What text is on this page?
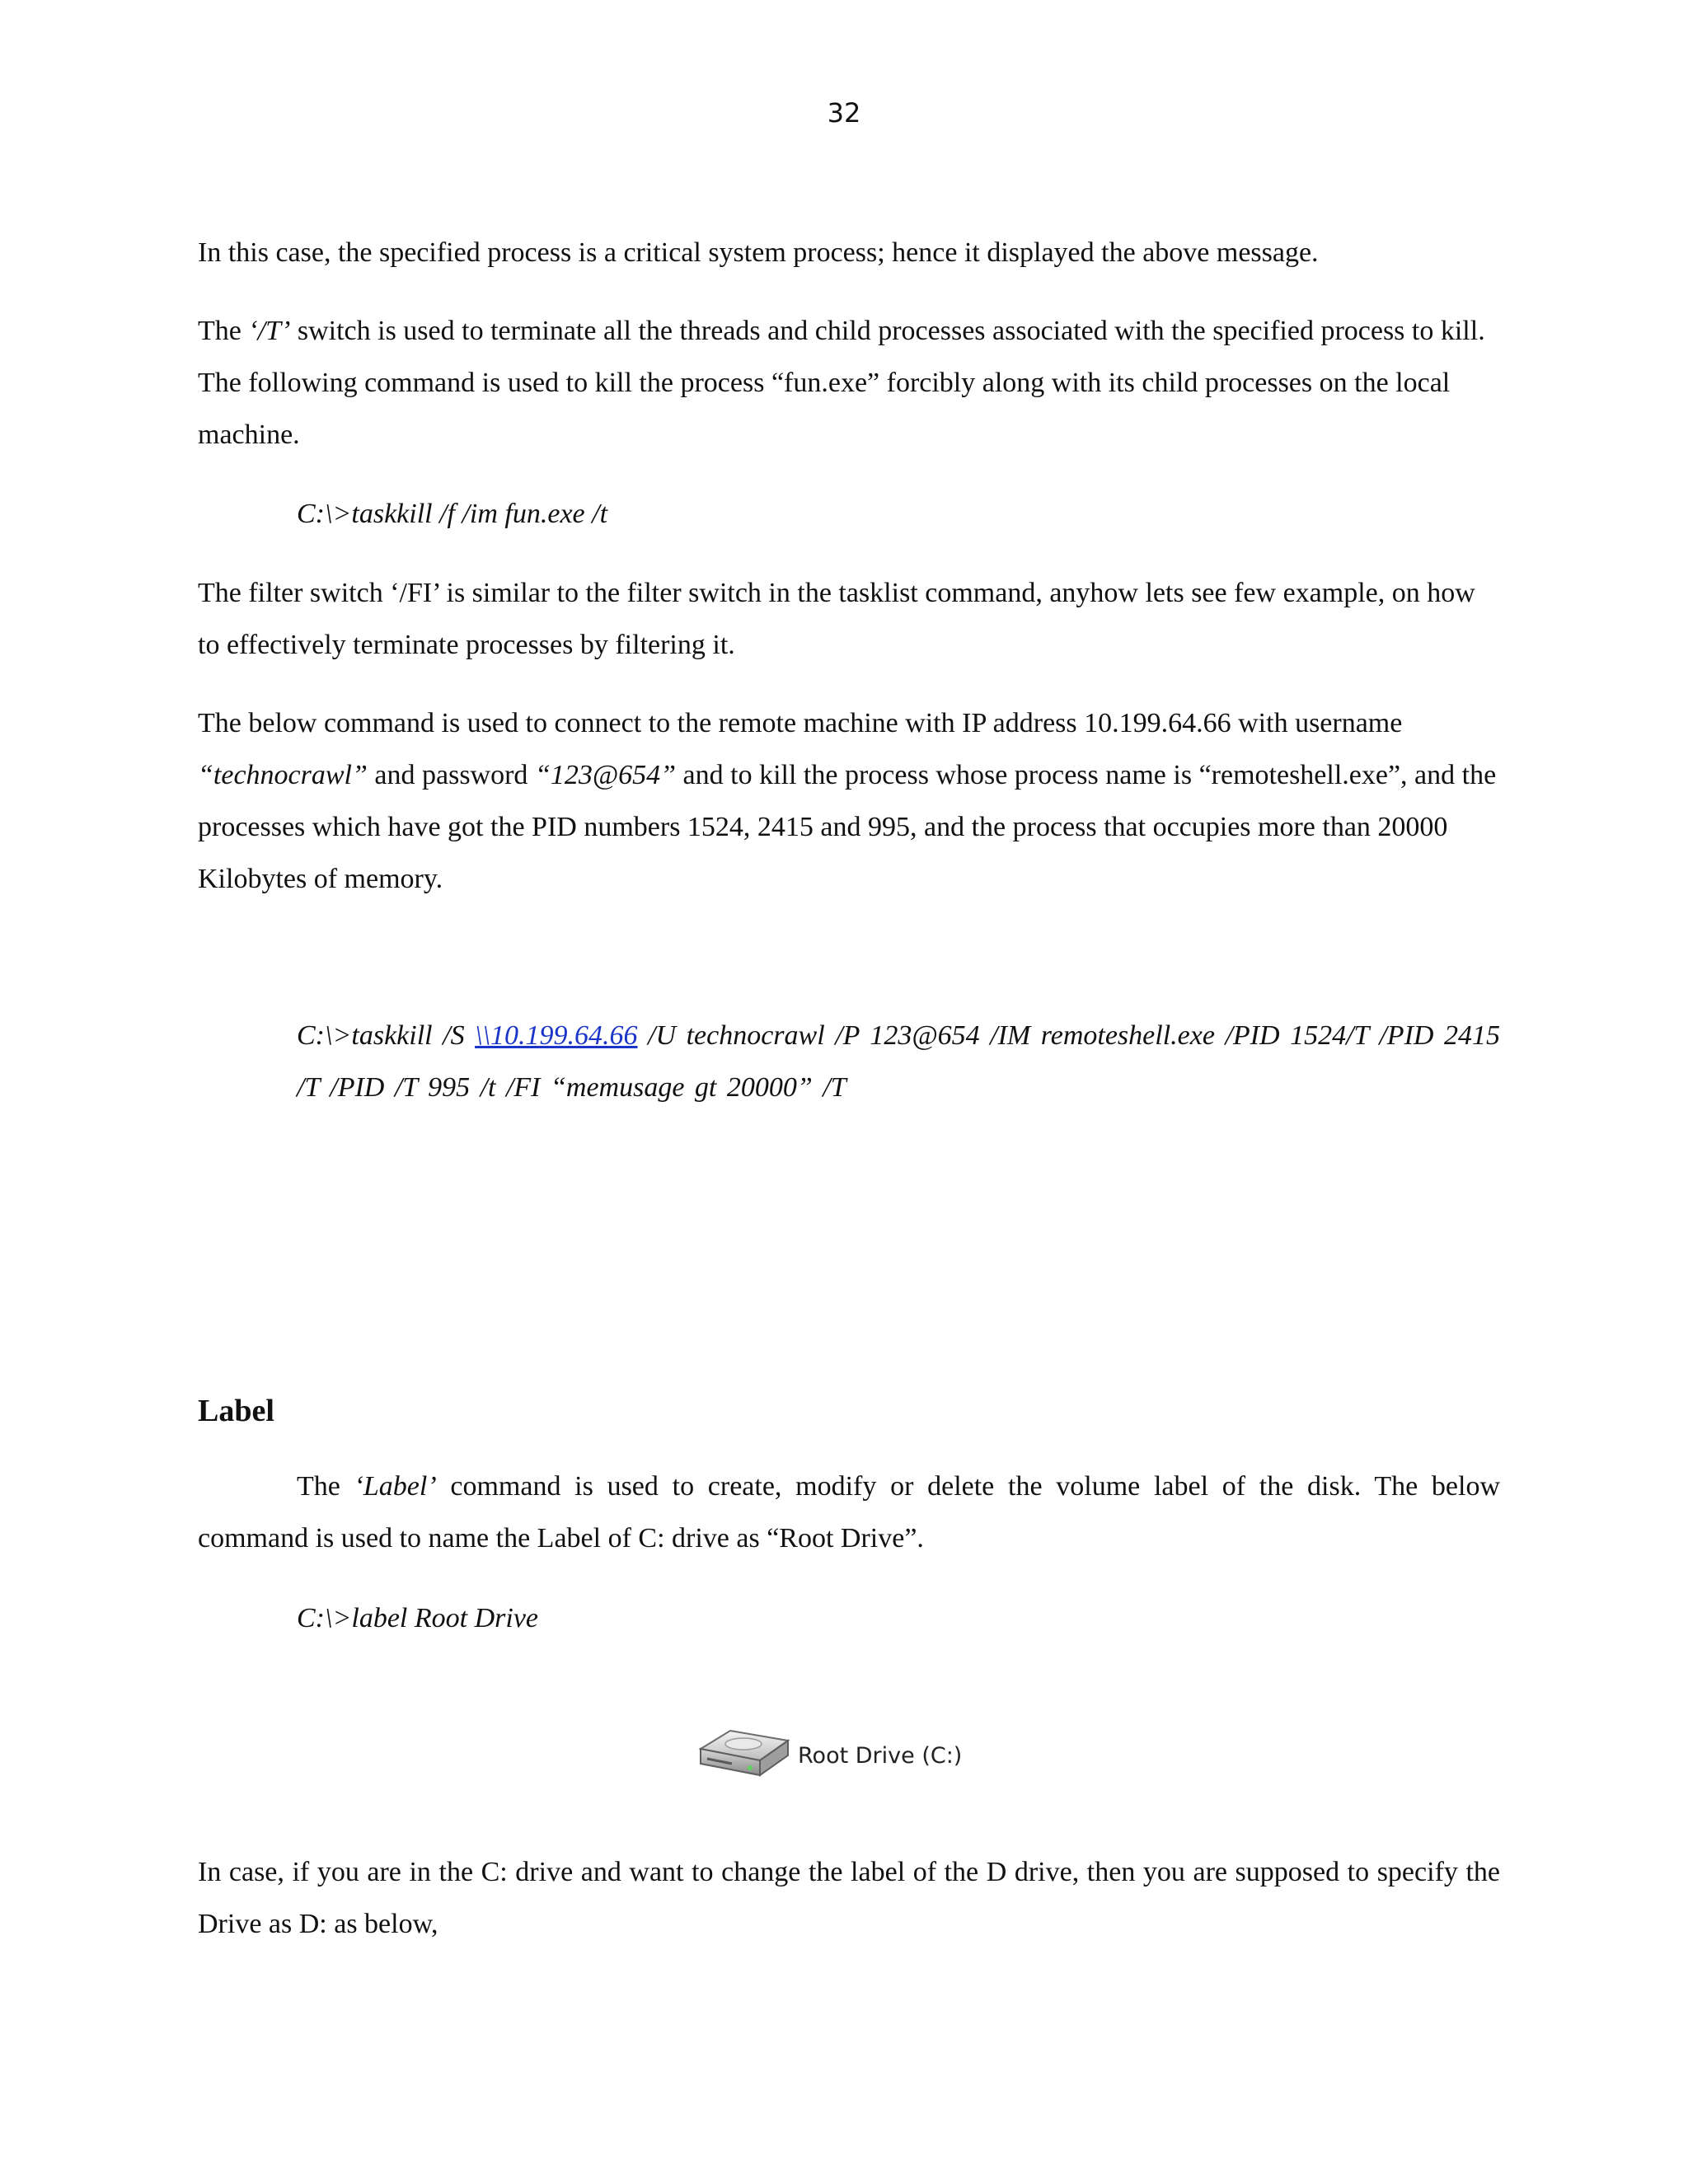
32

In this case, the specified process is a critical system process; hence it displayed the above message.

The ‘/T’ switch is used to terminate all the threads and child processes associated with the specified process to kill. The following command is used to kill the process “fun.exe” forcibly along with its child processes on the local machine.

C:\>taskkill /f /im fun.exe /t

The filter switch ‘/FI’ is similar to the filter switch in the tasklist command, anyhow lets see few example, on how to effectively terminate processes by filtering it.

The below command is used to connect to the remote machine with IP address 10.199.64.66 with username “technocrawl” and password “123@654” and to kill the process whose process name is “remoteshell.exe”, and the processes which have got the PID numbers 1524, 2415 and 995, and the process that occupies more than 20000 Kilobytes of memory.

C:\>taskkill /S \\10.199.64.66 /U technocrawl /P 123@654 /IM remoteshell.exe /PID 1524/T /PID 2415 /T /PID /T 995 /t /FI “memusage gt 20000” /T

Label

The ‘Label’ command is used to create, modify or delete the volume label of the disk. The below command is used to name the Label of C: drive as “Root Drive”.

C:\>label Root Drive

Root Drive (C:)

In case, if you are in the C: drive and want to change the label of the D drive, then you are supposed to specify the Drive as D: as below,
